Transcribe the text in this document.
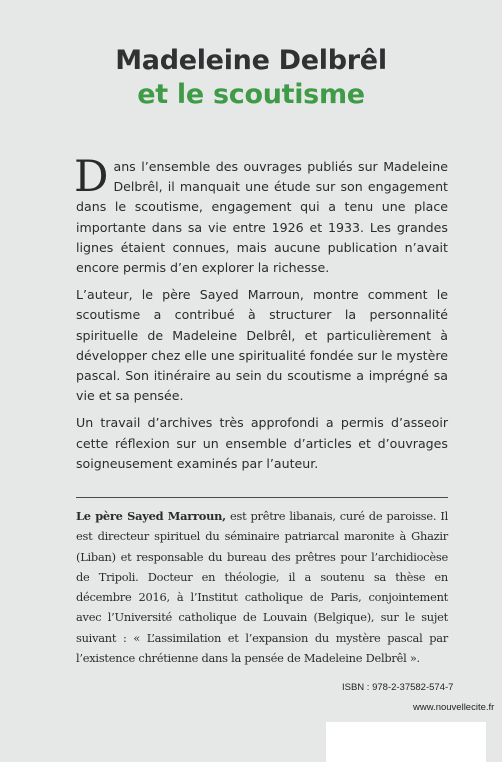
Madeleine Delbrêl
et le scoutisme

Dans l’ensemble des ouvrages publiés sur Madeleine Delbrêl, il manquait une étude sur son engagement dans le scoutisme, engagement qui a tenu une place importante dans sa vie entre 1926 et 1933. Les grandes lignes étaient connues, mais aucune publication n’avait encore permis d’en explorer la richesse.

L’auteur, le père Sayed Marroun, montre comment le scoutisme a contribué à structurer la personnalité spirituelle de Madeleine Delbrêl, et particulièrement à développer chez elle une spiritualité fondée sur le mystère pascal. Son itinéraire au sein du scoutisme a imprégné sa vie et sa pensée.

Un travail d’archives très approfondi a permis d’asseoir cette réflexion sur un ensemble d’articles et d’ouvrages soigneusement examinés par l’auteur.

Le père Sayed Marroun, est prêtre libanais, curé de paroisse. Il est directeur spirituel du séminaire patriarcal maronite à Ghazir (Liban) et responsable du bureau des prêtres pour l’archidiocèse de Tripoli. Docteur en théologie, il a soutenu sa thèse en décembre 2016, à l’Institut catholique de Paris, conjointement avec l’Université catholique de Louvain (Belgique), sur le sujet suivant : « L’assimilation et l’expansion du mystère pascal par l’existence chrétienne dans la pensée de Madeleine Delbrêl ».
ISBN : 978-2-37582-574-7
www.nouvellecite.fr
